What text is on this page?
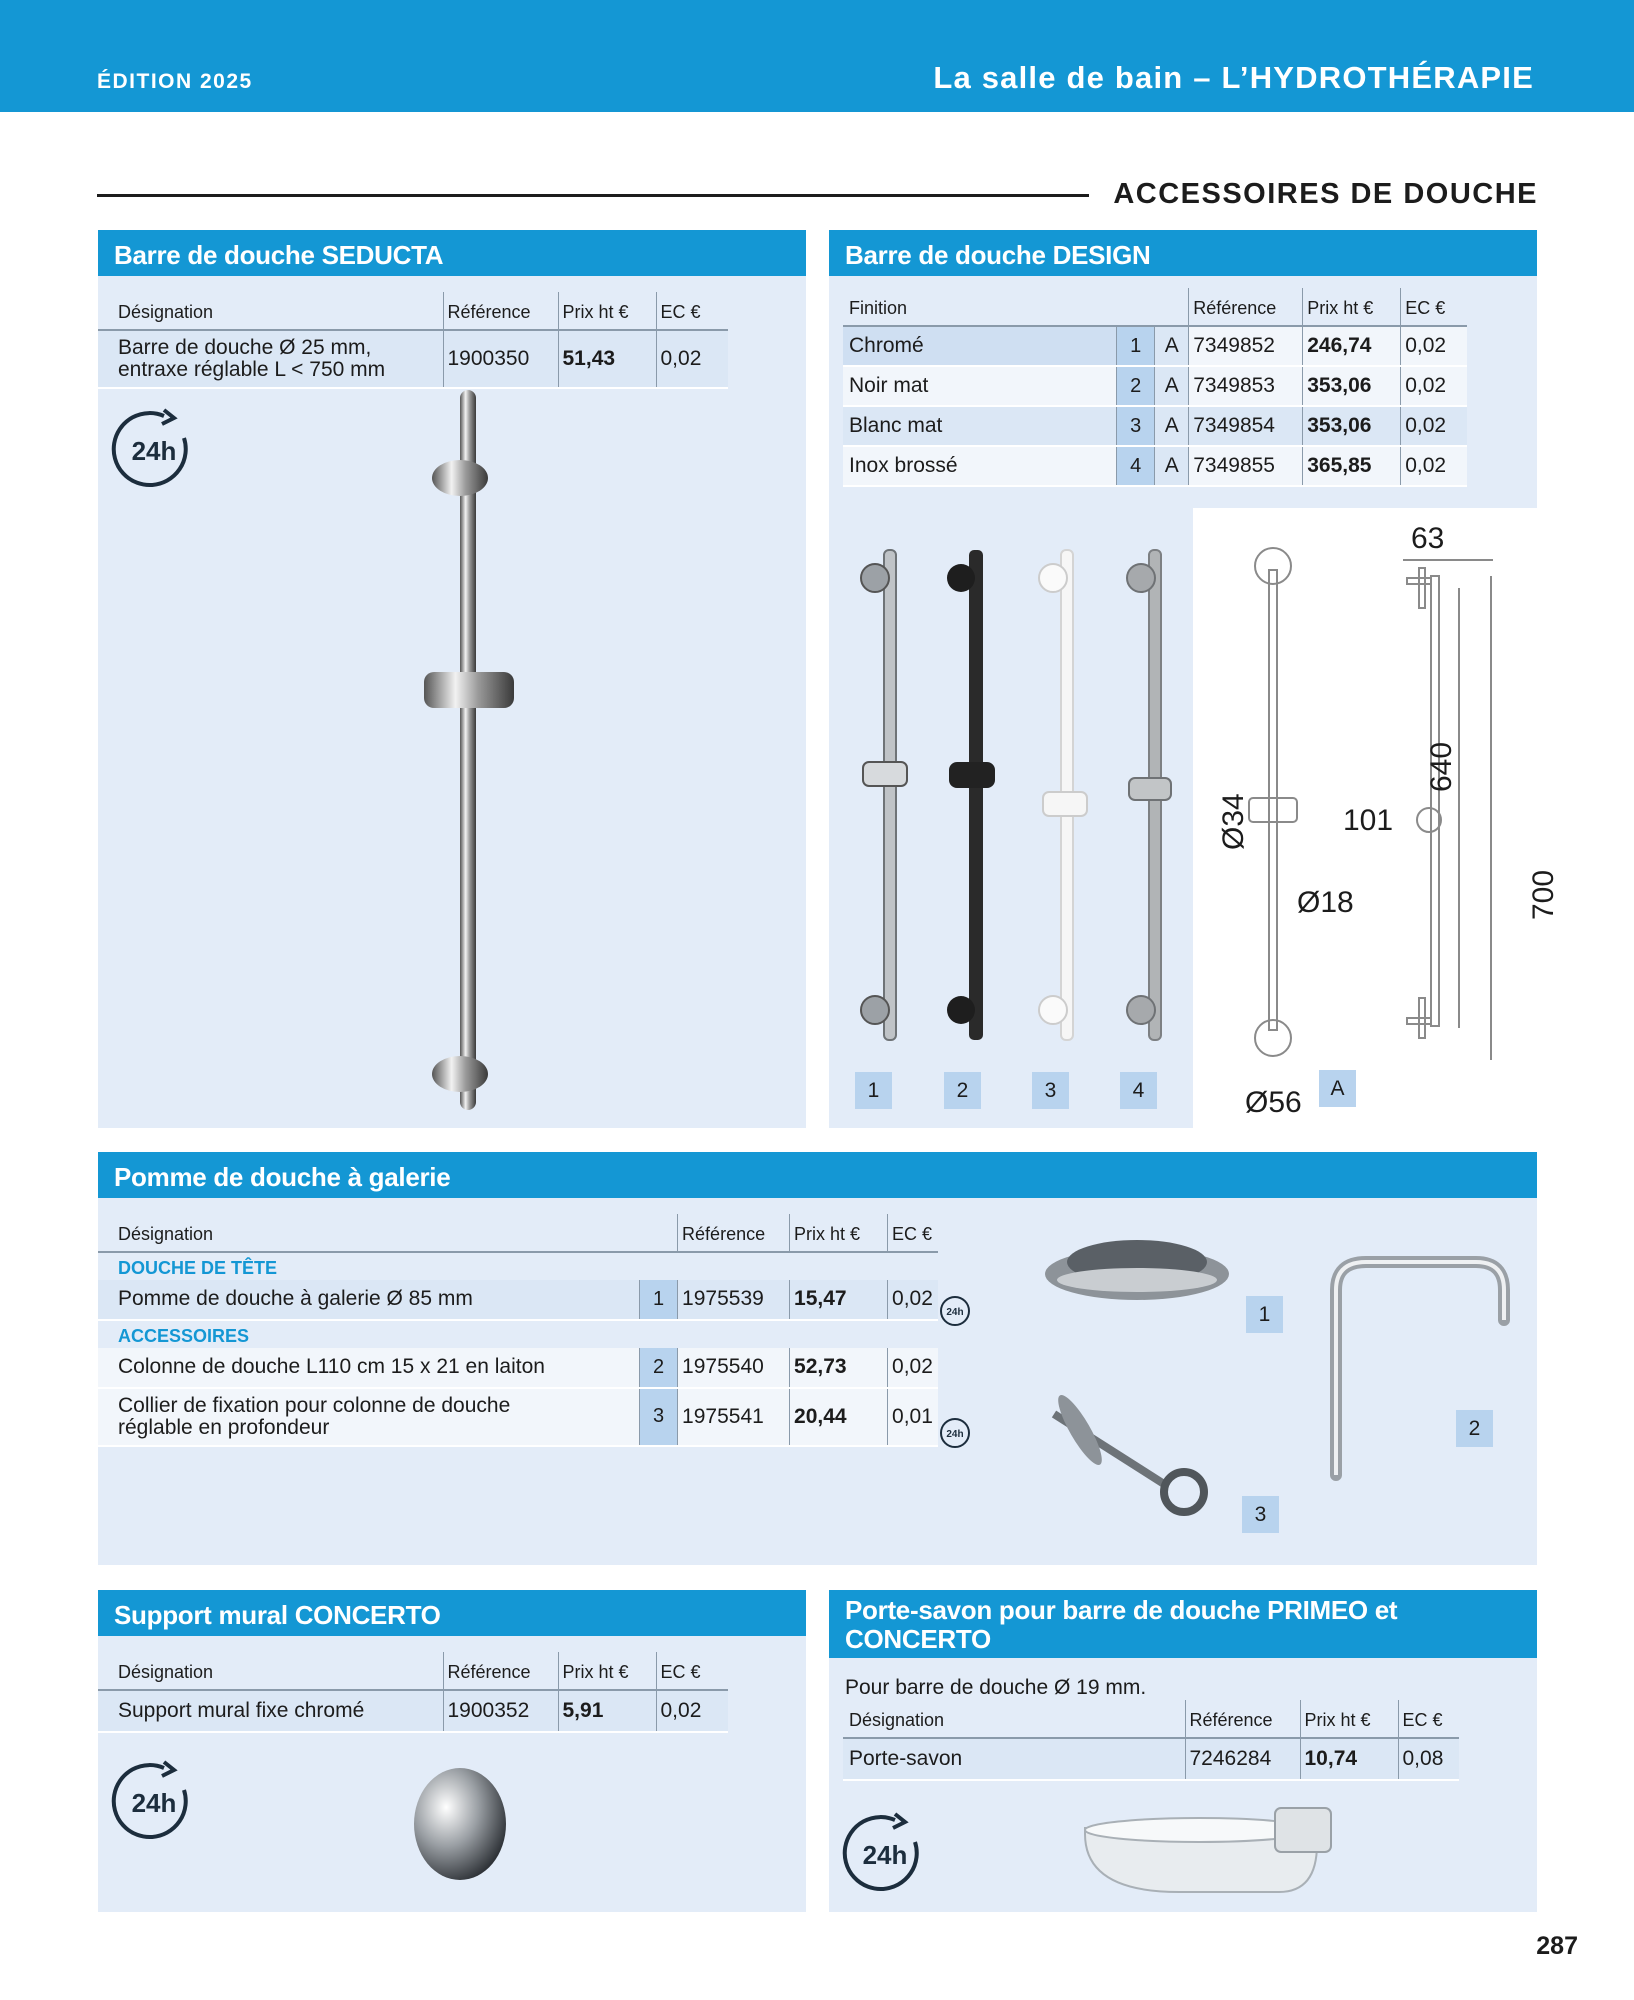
ÉDITION 2025	La salle de bain – L’HYDROTHÉRAPIE
ACCESSOIRES DE DOUCHE
Barre de douche SEDUCTA
Désignation	Référence	Prix ht €	EC €

Barre de douche Ø 25 mm,
entraxe réglable L < 750 mm	1900350	51,43	0,02
24h
Barre de douche DESIGN
Finition			Référence	Prix ht €	EC €
Chromé	1	A	7349852	246,74	0,02
Noir mat	2	A	7349853	353,06	0,02
Blanc mat	3	A	7349854	353,06	0,02
Inox brossé	4	A	7349855	365,85	0,02
1	2	3	4
Ø34	101
Ø18
Ø56
63
640
700
A
Pomme de douche à galerie
Désignation		Référence	Prix ht €	EC €
DOUCHE DE TÊTE				
Pomme de douche à galerie Ø 85 mm	1	1975539	15,47	0,02
ACCESSOIRES				
Colonne de douche L110 cm 15 x 21 en laiton	2	1975540	52,73	0,02

Collier de fixation pour colonne de douche
réglable en profondeur	3	1975541	20,44	0,01
24h
24h
1
2
3
Support mural CONCERTO
Désignation	Référence	Prix ht €	EC €
Support mural fixe chromé	1900352	5,91	0,02
24h
Porte-savon pour barre de douche PRIMEO et
CONCERTO
Pour barre de douche Ø 19 mm.
Désignation	Référence	Prix ht €	EC €
Porte-savon	7246284	10,74	0,08
24h
287
